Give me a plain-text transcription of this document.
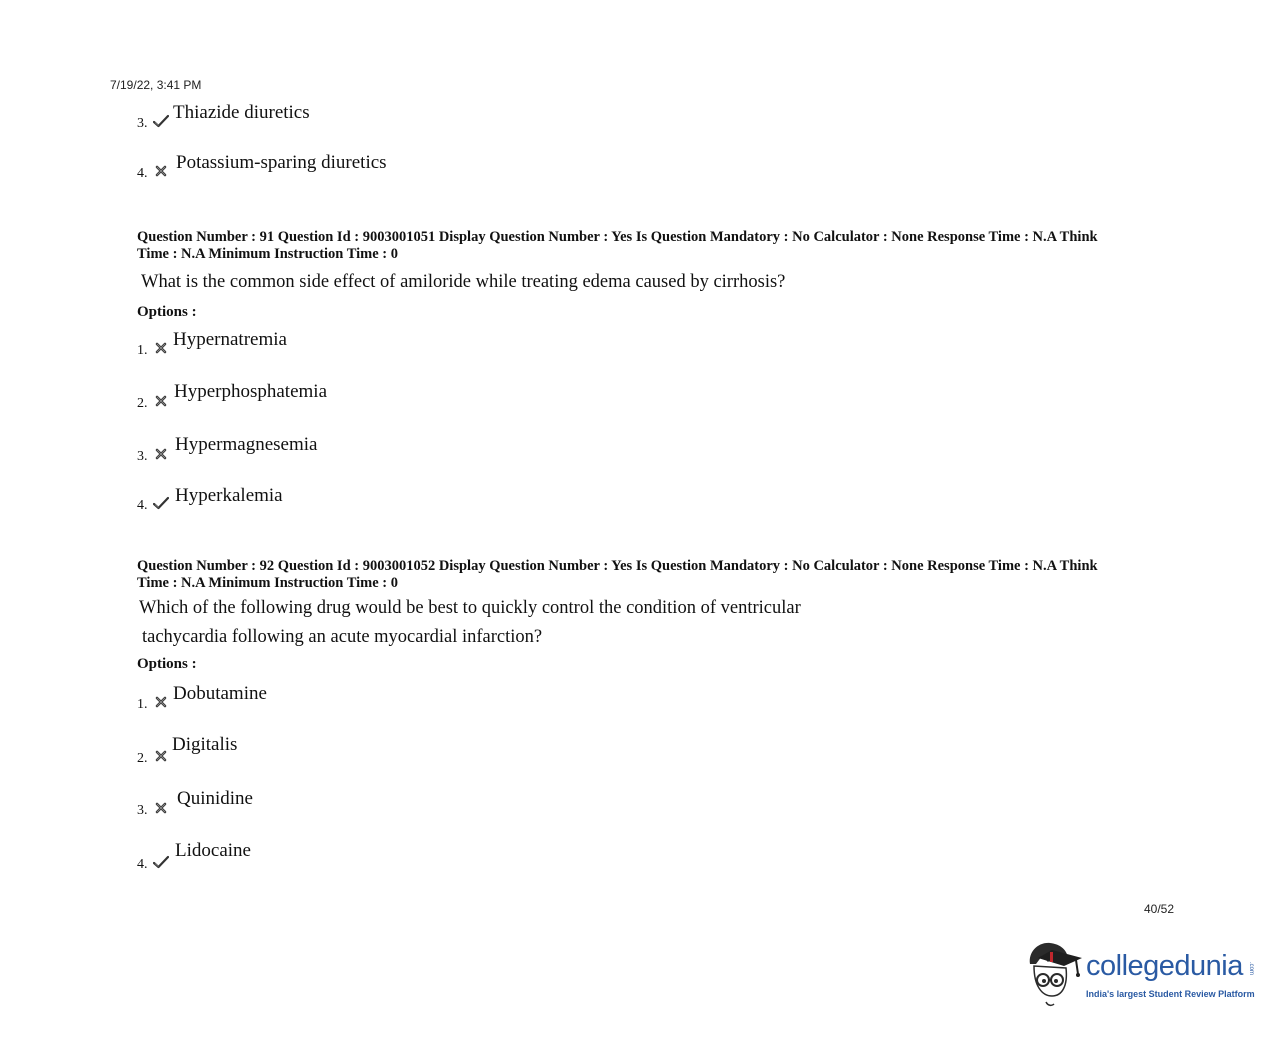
7/19/22, 3:41 PM
3.
Thiazide diuretics
4.
Potassium-sparing diuretics
Question Number : 91 Question Id : 9003001051 Display Question Number : Yes Is Question Mandatory : No Calculator : None Response Time : N.A Think
Time : N.A Minimum Instruction Time : 0
What is the common side effect of amiloride while treating edema caused by cirrhosis?
Options :
1.
Hypernatremia
2.
Hyperphosphatemia
3.
Hypermagnesemia
4. Hyperkalemia
Question Number : 92 Question Id : 9003001052 Display Question Number : Yes Is Question Mandatory : No Calculator : None Response Time : N.A Think
Time : N.A Minimum Instruction Time : 0
Which of the following drug would be best to quickly control the condition of ventricular
tachycardia following an acute myocardial infarction?
Options :
1.
Dobutamine
2.
Digitalis
3.
Quinidine
4.
Lidocaine
40/52
collegedunia .com
India's largest Student Review Platform
